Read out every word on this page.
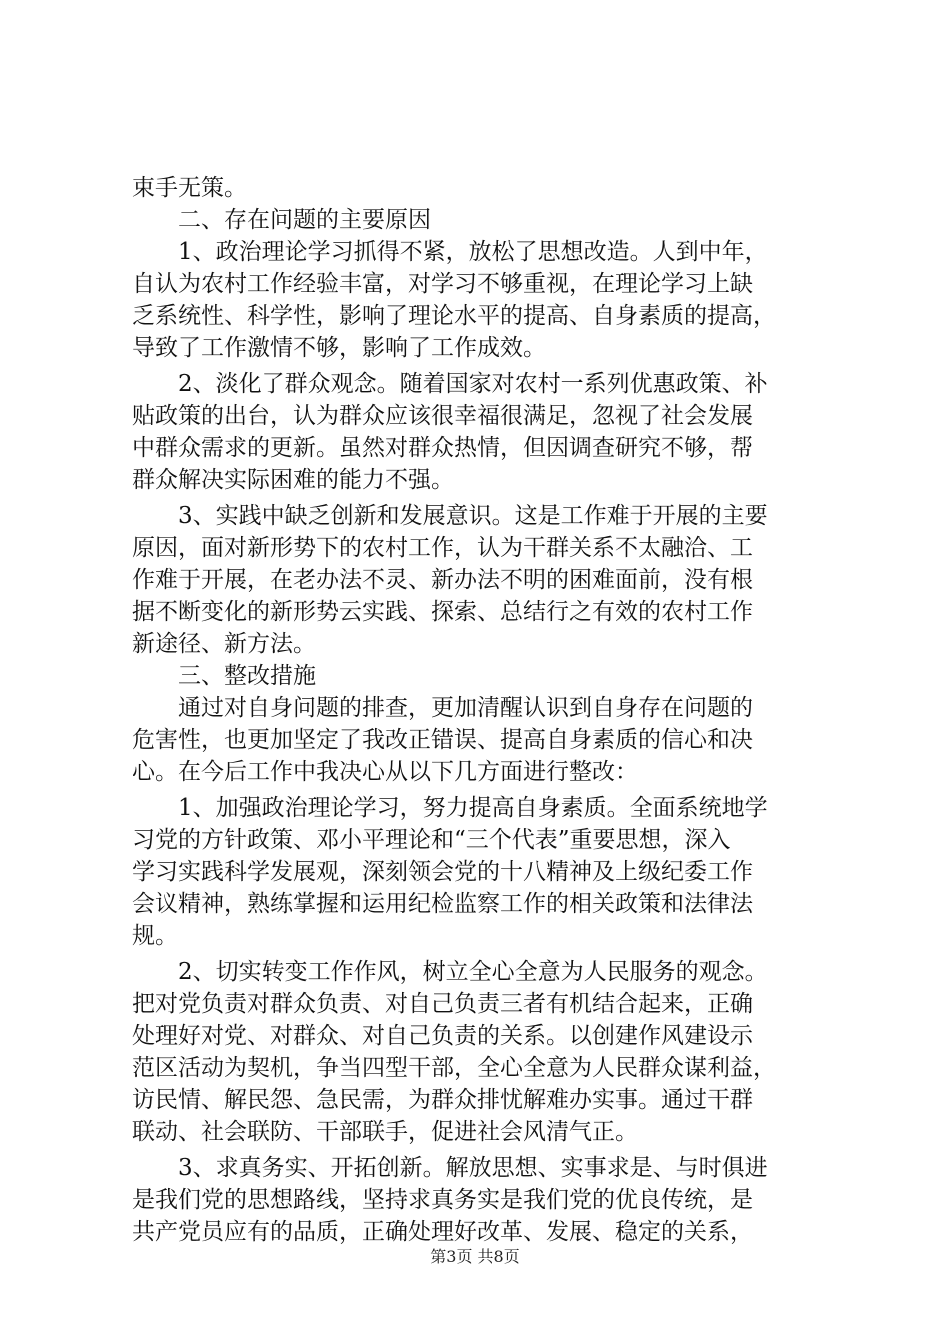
束手无策。
　　二、存在问题的主要原因
　　1、政治理论学习抓得不紧，放松了思想改造。人到中年，
自认为农村工作经验丰富，对学习不够重视，在理论学习上缺
乏系统性、科学性，影响了理论水平的提高、自身素质的提高，
导致了工作激情不够，影响了工作成效。
　　2、淡化了群众观念。随着国家对农村一系列优惠政策、补
贴政策的出台，认为群众应该很幸福很满足，忽视了社会发展
中群众需求的更新。虽然对群众热情，但因调查研究不够，帮
群众解决实际困难的能力不强。
　　3、实践中缺乏创新和发展意识。这是工作难于开展的主要
原因，面对新形势下的农村工作，认为干群关系不太融洽、工
作难于开展，在老办法不灵、新办法不明的困难面前，没有根
据不断变化的新形势云实践、探索、总结行之有效的农村工作
新途径、新方法。
　　三、整改措施
　　通过对自身问题的排查，更加清醒认识到自身存在问题的
危害性，也更加坚定了我改正错误、提高自身素质的信心和决
心。在今后工作中我决心从以下几方面进行整改：
　　1、加强政治理论学习，努力提高自身素质。全面系统地学
习党的方针政策、邓小平理论和“三个代表”重要思想，深入
学习实践科学发展观，深刻领会党的十八精神及上级纪委工作
会议精神，熟练掌握和运用纪检监察工作的相关政策和法律法
规。
　　2、切实转变工作作风，树立全心全意为人民服务的观念。
把对党负责对群众负责、对自己负责三者有机结合起来，正确
处理好对党、对群众、对自己负责的关系。以创建作风建设示
范区活动为契机，争当四型干部，全心全意为人民群众谋利益，
访民情、解民怨、急民需，为群众排忧解难办实事。通过干群
联动、社会联防、干部联手，促进社会风清气正。
　　3、求真务实、开拓创新。解放思想、实事求是、与时俱进
是我们党的思想路线，坚持求真务实是我们党的优良传统，是
共产党员应有的品质，正确处理好改革、发展、稳定的关系，
第3页 共8页
